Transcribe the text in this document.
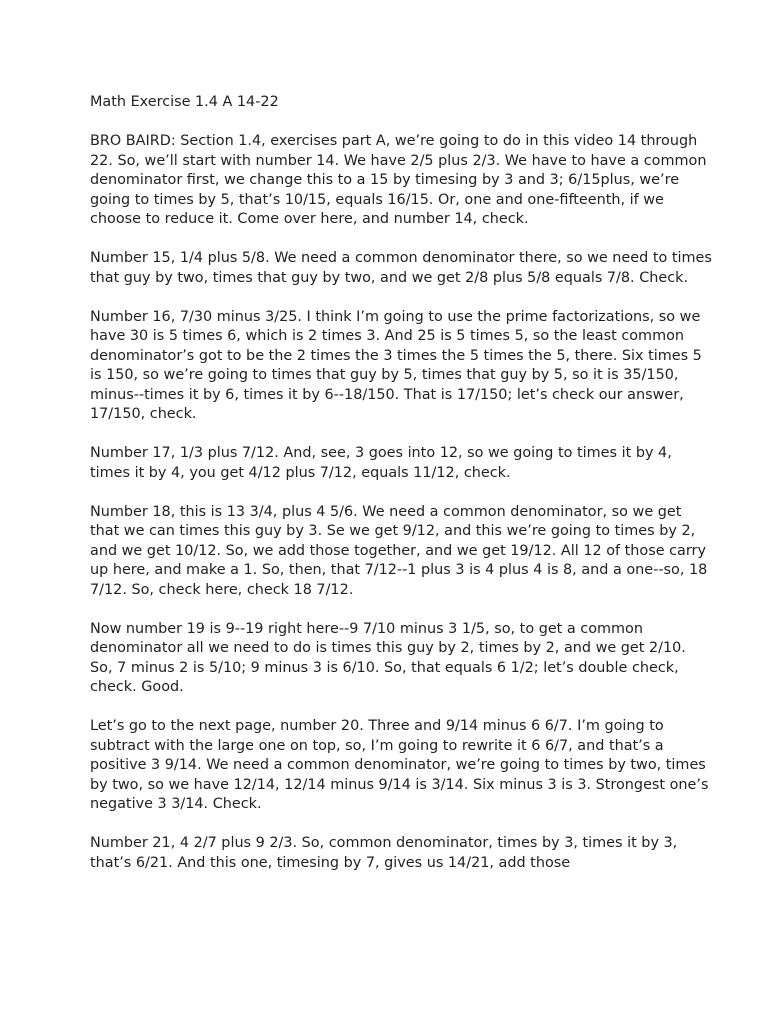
Math Exercise 1.4 A 14-22

BRO BAIRD: Section 1.4, exercises part A, we’re going to do in this video 14 through 22. So, we’ll start with number 14. We have 2/5 plus 2/3. We have to have a common denominator first, we change this to a 15 by timesing by 3 and 3; 6/15plus, we’re going to times by 5, that’s 10/15, equals 16/15. Or, one and one-fifteenth, if we choose to reduce it. Come over here, and number 14, check.

Number 15, 1/4 plus 5/8. We need a common denominator there, so we need to times that guy by two, times that guy by two, and we get 2/8 plus 5/8 equals 7/8. Check.

Number 16, 7/30 minus 3/25. I think I’m going to use the prime factorizations, so we have 30 is 5 times 6, which is 2 times 3. And 25 is 5 times 5, so the least common denominator’s got to be the 2 times the 3 times the 5 times the 5, there. Six times 5 is 150, so we’re going to times that guy by 5, times that guy by 5, so it is 35/150, minus--times it by 6, times it by 6--18/150. That is 17/150; let’s check our answer, 17/150, check.

Number 17, 1/3 plus 7/12. And, see, 3 goes into 12, so we going to times it by 4, times it by 4, you get 4/12 plus 7/12, equals 11/12, check.

Number 18, this is 13 3/4, plus 4 5/6. We need a common denominator, so we get that we can times this guy by 3. Se we get 9/12, and this we’re going to times by 2, and we get 10/12. So, we add those together, and we get 19/12. All 12 of those carry up here, and make a 1. So, then, that 7/12--1 plus 3 is 4 plus 4 is 8, and a one--so, 18 7/12. So, check here, check 18 7/12.

Now number 19 is 9--19 right here--9 7/10 minus 3 1/5, so, to get a common denominator all we need to do is times this guy by 2, times by 2, and we get 2/10. So, 7 minus 2 is 5/10; 9 minus 3 is 6/10. So, that equals 6 1/2; let’s double check, check. Good.

Let’s go to the next page, number 20. Three and 9/14 minus 6 6/7. I’m going to subtract with the large one on top, so, I’m going to rewrite it 6 6/7, and that’s a positive 3 9/14. We need a common denominator, we’re going to times by two, times by two, so we have 12/14, 12/14 minus 9/14 is 3/14. Six minus 3 is 3. Strongest one’s negative 3 3/14. Check.

Number 21, 4 2/7 plus 9 2/3. So, common denominator, times by 3, times it by 3, that’s 6/21. And this one, timesing by 7, gives us 14/21, add those
